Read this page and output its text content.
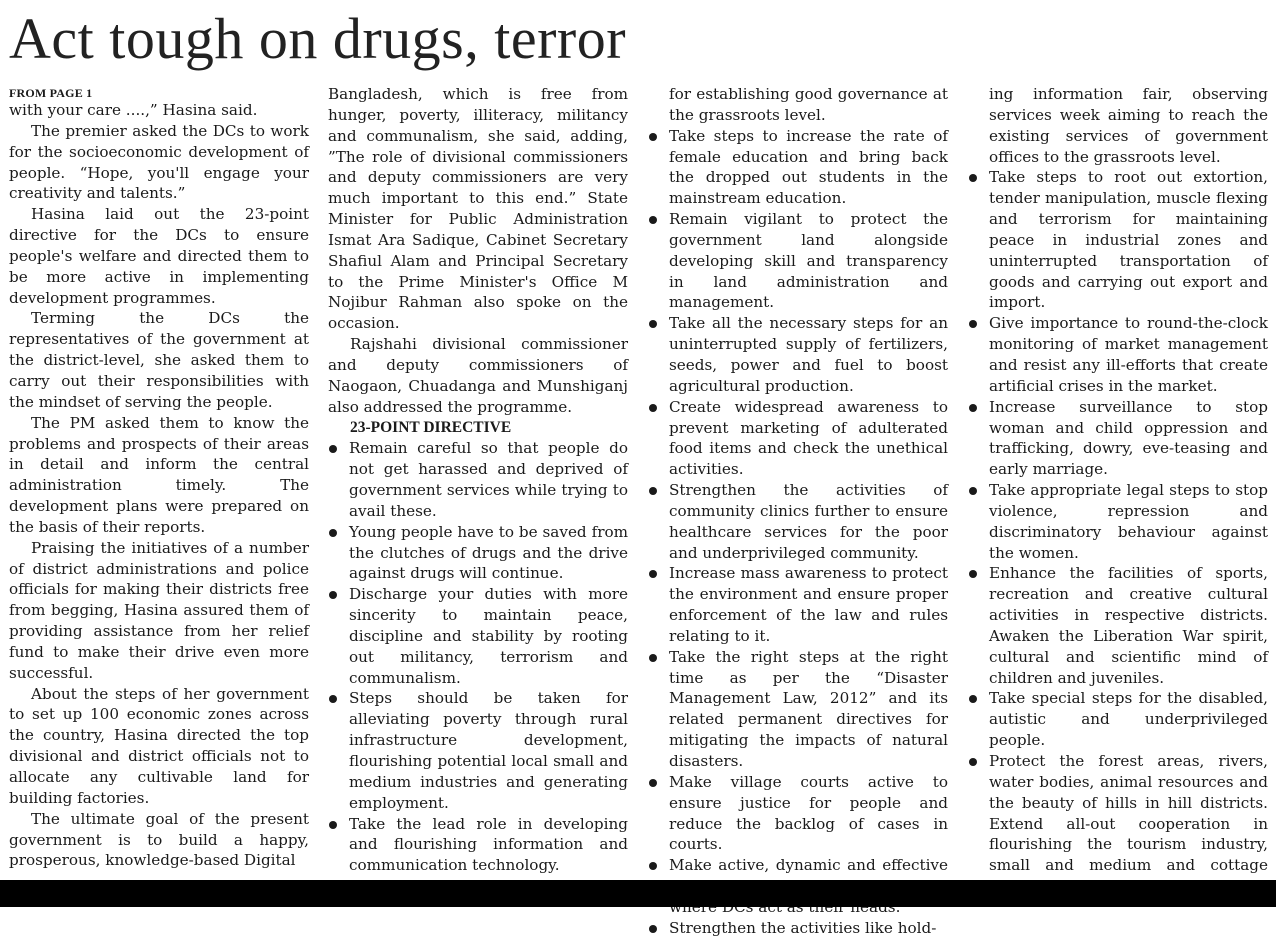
Act tough on drugs, terror
FROM PAGE 1

with your care ....,” Hasina said.

The premier asked the DCs to work for the socioeconomic development of people. “Hope, you'll engage your creativity and talents.”

Hasina laid out the 23-point directive for the DCs to ensure people's welfare and directed them to be more active in implementing development programmes.

Terming the DCs the representatives of the government at the district-level, she asked them to carry out their responsibilities with the mindset of serving the people.

The PM asked them to know the problems and prospects of their areas in detail and inform the central administration timely. The development plans were prepared on the basis of their reports.

Praising the initiatives of a number of district administrations and police officials for making their districts free from begging, Hasina assured them of providing assistance from her relief fund to make their drive even more successful.

About the steps of her government to set up 100 economic zones across the country, Hasina directed the top divisional and district officials not to allocate any cultivable land for building factories.

The ultimate goal of the present government is to build a happy, prosperous, knowledge-based Digital

Bangladesh, which is free from hunger, poverty, illiteracy, militancy and communalism, she said, adding, ”The role of divisional commissioners and deputy commissioners are very much important to this end.” State Minister for Public Administration Ismat Ara Sadique, Cabinet Secretary Shafiul Alam and Principal Secretary to the Prime Minister's Office M Nojibur Rahman also spoke on the occasion.

Rajshahi divisional commissioner and deputy commissioners of Naogaon, Chuadanga and Munshiganj also addressed the programme.

23-POINT DIRECTIVE

Remain careful so that people do not get harassed and deprived of government services while trying to avail these.
Young people have to be saved from the clutches of drugs and the drive against drugs will continue.
Discharge your duties with more sincerity to maintain peace, discipline and stability by rooting out militancy, terrorism and communalism.
Steps should be taken for alleviating poverty through rural infrastructure development, flourishing potential local small and medium industries and generating employment.
Take the lead role in developing and flourishing information and communication technology.
for establishing good governance at the grassroots level.
Take steps to increase the rate of female education and bring back the dropped out students in the mainstream education.
Remain vigilant to protect the government land alongside developing skill and transparency in land administration and management.
Take all the necessary steps for an uninterrupted supply of fertilizers, seeds, power and fuel to boost agricultural production.
Create widespread awareness to prevent marketing of adulterated food items and check the unethical activities.
Strengthen the activities of community clinics further to ensure healthcare services for the poor and underprivileged community.
Increase mass awareness to protect the environment and ensure proper enforcement of the law and rules relating to it.
Take the right steps at the right time as per the “Disaster Management Law, 2012” and its related permanent directives for mitigating the impacts of natural disasters.
Make village courts active to ensure justice for people and reduce the backlog of cases in courts.
Make active, dynamic and effective
Strengthen the activities like hold-
ing information fair, observing services week aiming to reach the existing services of government offices to the grassroots level.
Take steps to root out extortion, tender manipulation, muscle flexing and terrorism for maintaining peace in industrial zones and uninterrupted transportation of goods and carrying out export and import.
Give importance to round-the-clock monitoring of market management and resist any ill-efforts that create artificial crises in the market.
Increase surveillance to stop woman and child oppression and trafficking, dowry, eve-teasing and early marriage.
Take appropriate legal steps to stop violence, repression and discriminatory behaviour against the women.
Enhance the facilities of sports, recreation and creative cultural activities in respective districts. Awaken the Liberation War spirit, cultural and scientific mind of children and juveniles.
Take special steps for the disabled, autistic and underprivileged people.
Protect the forest areas, rivers, water bodies, animal resources and the beauty of hills in hill districts. Extend all-out cooperation in flourishing the tourism industry, small and medium and cottage
